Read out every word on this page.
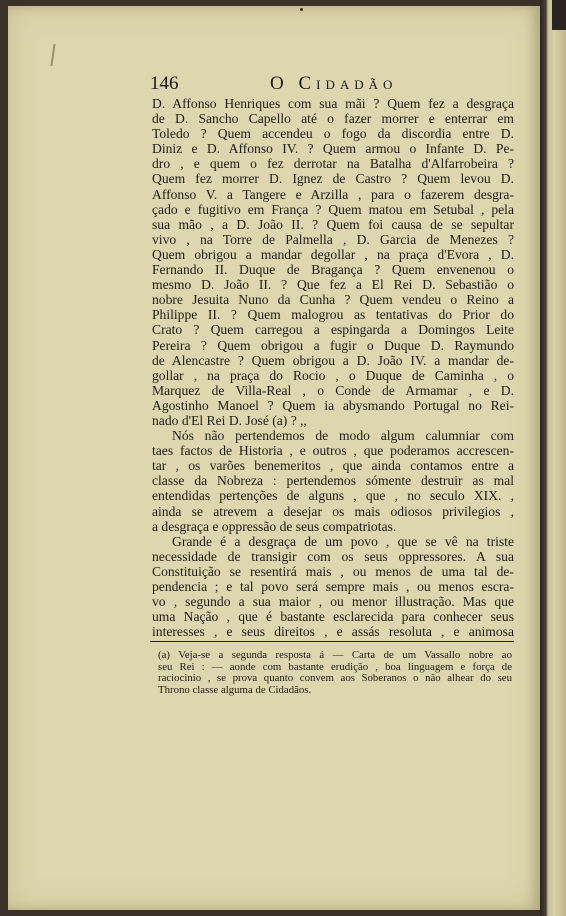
146	O Cidadão
D. Affonso Henriques com sua mãi ? Quem fez a desgraça
de D. Sancho Capello até o fazer morrer e enterrar em
Toledo ? Quem accendeu o fogo da discordia entre D.
Diniz e D. Affonso IV. ? Quem armou o Infante D. Pe-
dro , e quem o fez derrotar na Batalha d'Alfarrobeira ?
Quem fez morrer D. Ignez de Castro ? Quem levou D.
Affonso V. a Tangere e Arzilla , para o fazerem desgra-
çado e fugitivo em França ? Quem matou em Setubal , pela
sua mão , a D. João II. ? Quem foi causa de se sepultar
vivo , na Torre de Palmella , D. Garcia de Menezes ?
Quem obrigou a mandar degollar , na praça d'Evora , D.
Fernando II. Duque de Bragança ? Quem envenenou o
mesmo D. João II. ? Que fez a El Rei D. Sebastião o
nobre Jesuita Nuno da Cunha ? Quem vendeu o Reino a
Philippe II. ? Quem malogrou as tentativas do Prior do
Crato ? Quem carregou a espingarda a Domingos Leite
Pereira ? Quem obrigou a fugir o Duque D. Raymundo
de Alencastre ? Quem obrigou a D. João IV. a mandar de-
gollar , na praça do Rocio , o Duque de Caminha , o
Marquez de Villa-Real , o Conde de Armamar , e D.
Agostinho Manoel ? Quem ia abysmando Portugal no Rei-
nado d'El Rei D. José (a) ? ,,
Nós não pertendemos de modo algum calumniar com
taes factos de Historia , e outros , que poderamos accrescen-
tar , os varões benemeritos , que ainda contamos entre a
classe da Nobreza : pertendemos sómente destruir as mal
entendidas pertenções de alguns , que , no seculo XIX. ,
ainda se atrevem a desejar os mais odiosos privilegios ,
a desgraça e oppressão de seus compatriotas.
Grande é a desgraça de um povo , que se vê na triste
necessidade de transigir com os seus oppressores. A sua
Constituição se resentirá mais , ou menos de uma tal de-
pendencia ; e tal povo será sempre mais , ou menos escra-
vo , segundo a sua maior , ou menor illustração. Mas que
uma Nação , que é bastante esclarecida para conhecer seus
interesses , e seus direitos , e assás resoluta , e animosa
(a) Veja-se a segunda resposta á — Carta de um Vassallo nobre ao
seu Rei : — aonde com bastante erudição , boa linguagem e força de
raciocinio , se prova quanto convem aos Soberanos o não alhear do seu
Throno classe alguma de Cidadãos.
